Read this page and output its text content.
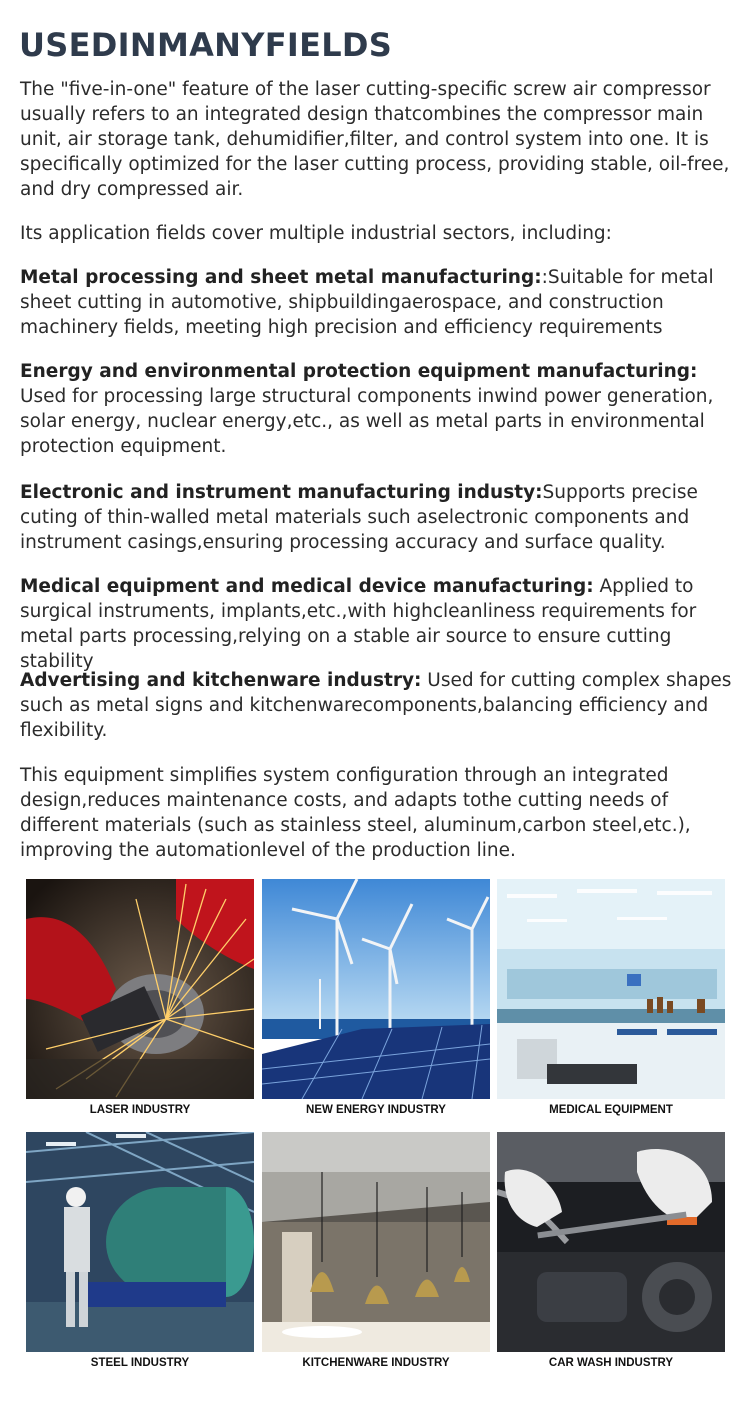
USEDINMANYFIELDS

The "five-in-one" feature of the laser cutting-specific screw air compressor usually refers to an integrated design thatcombines the compressor main unit, air storage tank, dehumidifier,filter, and control system into one. It is specifically optimized for the laser cutting process, providing stable, oil-free, and dry compressed air.

Its application fields cover multiple industrial sectors, including:

Metal processing and sheet metal manufacturing::Suitable for metal sheet cutting in automotive, shipbuildingaerospace, and construction machinery fields, meeting high precision and efficiency requirements

Energy and environmental protection equipment manufacturing: Used for processing large structural components inwind power generation, solar energy, nuclear energy,etc., as well as metal parts in environmental protection equipment.

Electronic and instrument manufacturing industy:Supports precise cuting of thin-walled metal materials such aselectronic components and instrument casings,ensuring processing accuracy and surface quality.

Medical equipment and medical device manufacturing: Applied to surgical instruments, implants,etc.,with highcleanliness requirements for metal parts processing,relying on a stable air source to ensure cutting stability

Advertising and kitchenware industry: Used for cutting complex shapes such as metal signs and kitchenwarecomponents,balancing efficiency and flexibility.

This equipment simplifies system configuration through an integrated design,reduces maintenance costs, and adapts tothe cutting needs of different materials (such as stainless steel, aluminum,carbon steel,etc.), improving the automationlevel of the production line.

LASER INDUSTRY	NEW ENERGY INDUSTRY	MEDICAL EQUIPMENT
STEEL INDUSTRY	KITCHENWARE INDUSTRY	CAR WASH INDUSTRY
